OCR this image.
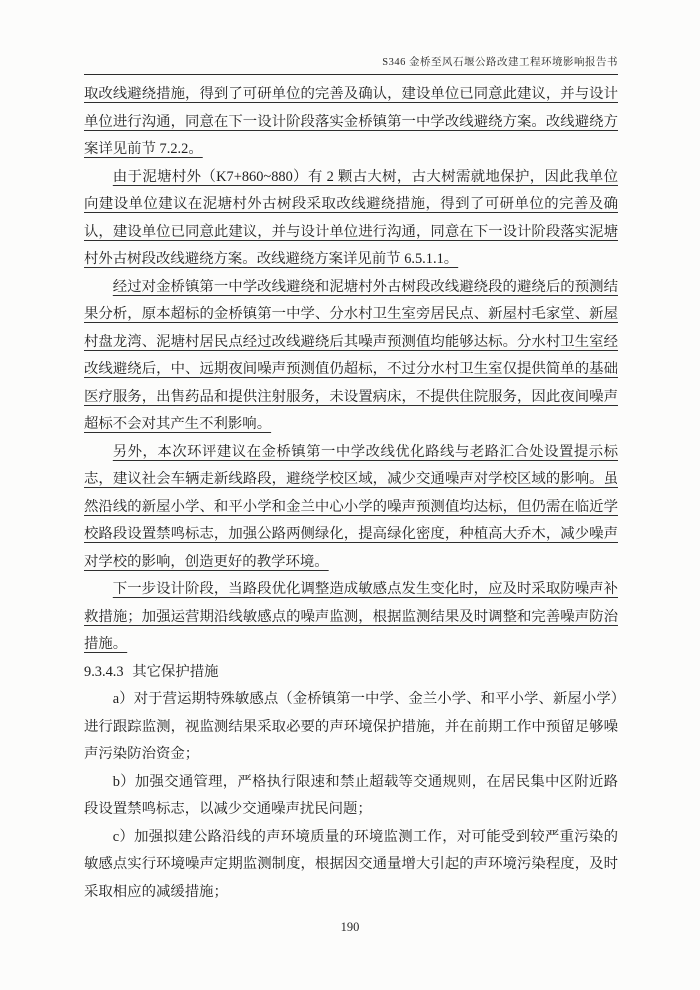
S346 金桥至风石堰公路改建工程环境影响报告书

取改线避绕措施，得到了可研单位的完善及确认，建设单位已同意此建议，并与设计单位进行沟通，同意在下一设计阶段落实金桥镇第一中学改线避绕方案。改线避绕方案详见前节 7.2.2。

由于泥塘村外（K7+860~880）有 2 颗古大树，古大树需就地保护，因此我单位向建设单位建议在泥塘村外古树段采取改线避绕措施，得到了可研单位的完善及确认，建设单位已同意此建议，并与设计单位进行沟通，同意在下一设计阶段落实泥塘村外古树段改线避绕方案。改线避绕方案详见前节 6.5.1.1。

经过对金桥镇第一中学改线避绕和泥塘村外古树段改线避绕段的避绕后的预测结果分析，原本超标的金桥镇第一中学、分水村卫生室旁居民点、新屋村毛家堂、新屋村盘龙湾、泥塘村居民点经过改线避绕后其噪声预测值均能够达标。分水村卫生室经改线避绕后，中、远期夜间噪声预测值仍超标，不过分水村卫生室仅提供简单的基础医疗服务，出售药品和提供注射服务，未设置病床，不提供住院服务，因此夜间噪声超标不会对其产生不利影响。

另外，本次环评建议在金桥镇第一中学改线优化路线与老路汇合处设置提示标志，建议社会车辆走新线路段，避绕学校区域，减少交通噪声对学校区域的影响。虽然沿线的新屋小学、和平小学和金兰中心小学的噪声预测值均达标，但仍需在临近学校路段设置禁鸣标志，加强公路两侧绿化，提高绿化密度，种植高大乔木，减少噪声对学校的影响，创造更好的教学环境。

下一步设计阶段，当路段优化调整造成敏感点发生变化时，应及时采取防噪声补救措施；加强运营期沿线敏感点的噪声监测，根据监测结果及时调整和完善噪声防治措施。

9.3.4.3 其它保护措施

a）对于营运期特殊敏感点（金桥镇第一中学、金兰小学、和平小学、新屋小学）进行跟踪监测，视监测结果采取必要的声环境保护措施，并在前期工作中预留足够噪声污染防治资金；

b）加强交通管理，严格执行限速和禁止超载等交通规则，在居民集中区附近路段设置禁鸣标志，以减少交通噪声扰民问题；

c）加强拟建公路沿线的声环境质量的环境监测工作，对可能受到较严重污染的敏感点实行环境噪声定期监测制度，根据因交通量增大引起的声环境污染程度，及时采取相应的减缓措施；

190
